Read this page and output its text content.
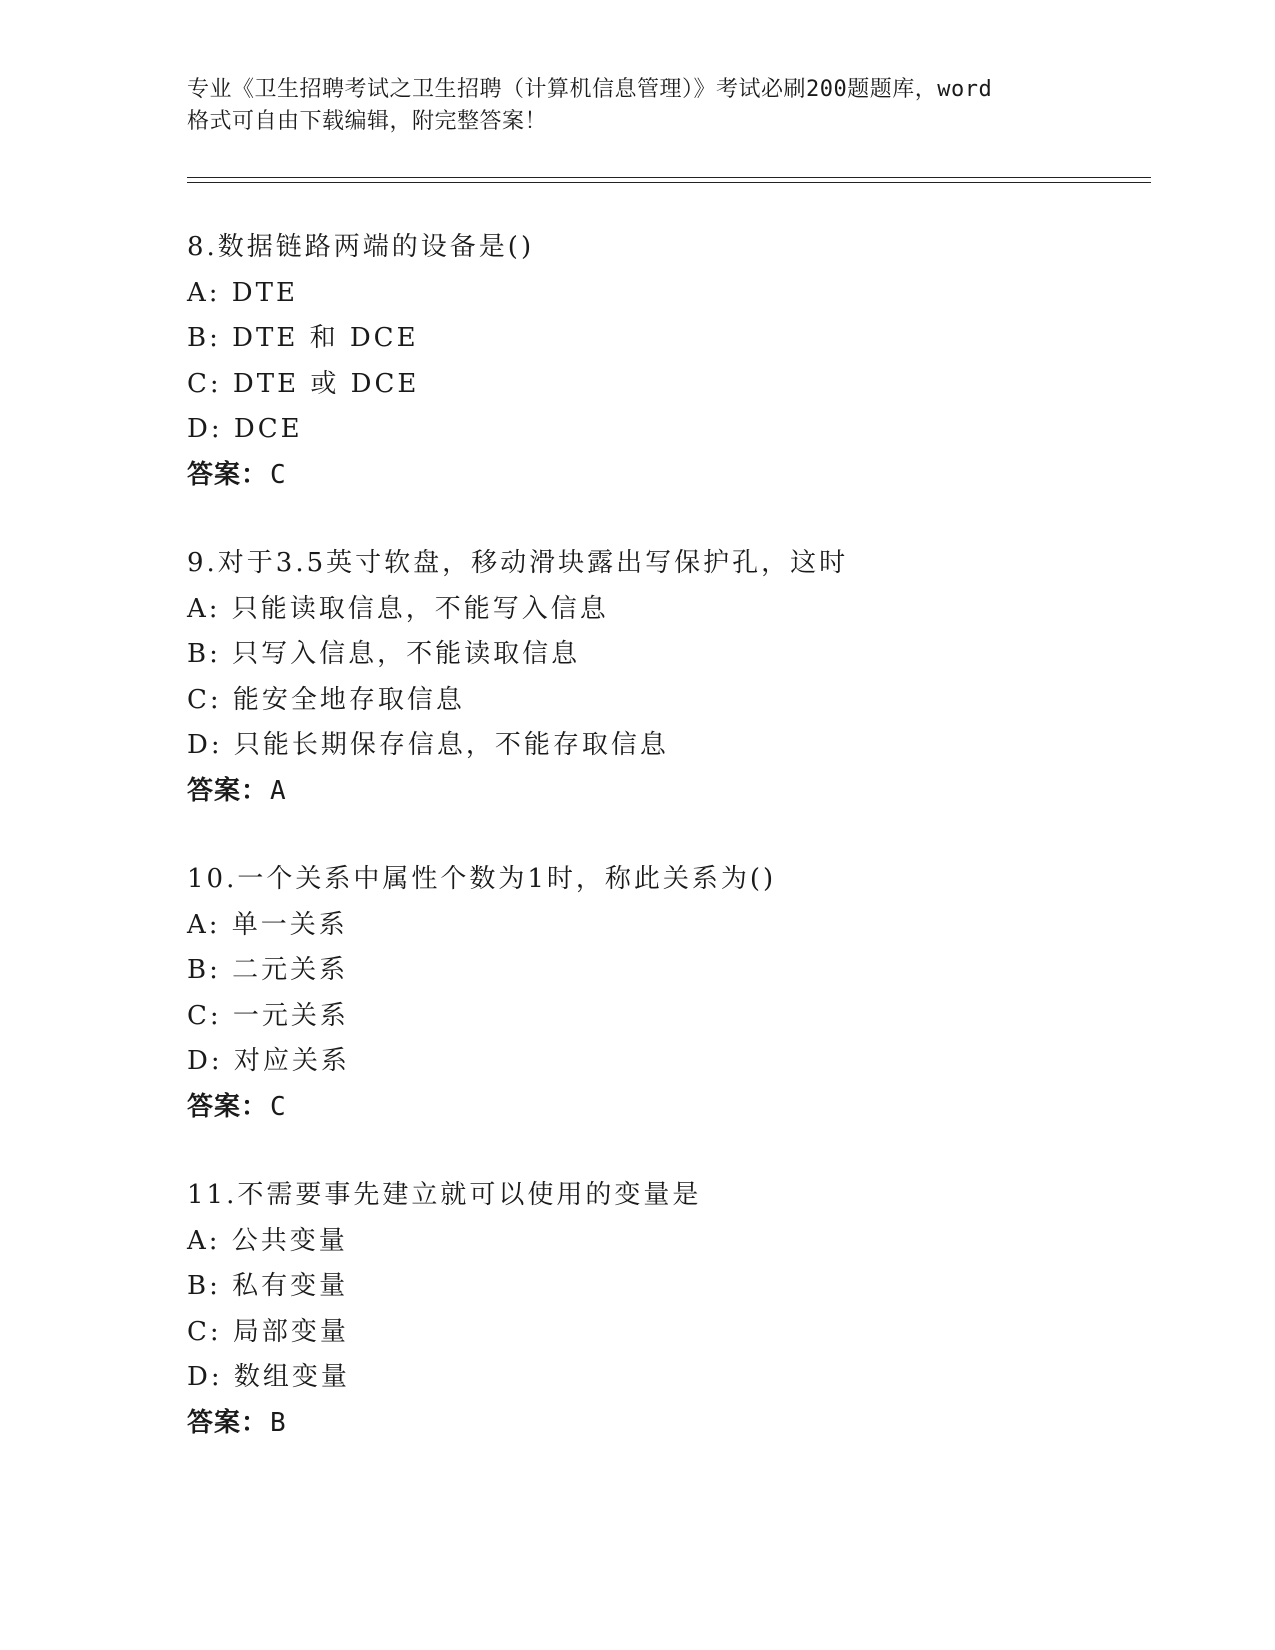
专业《卫生招聘考试之卫生招聘（计算机信息管理）》考试必刷200题题库，word
格式可自由下载编辑，附完整答案！
8.数据链路两端的设备是()
A: DTE
B: DTE 和 DCE
C: DTE 或 DCE
D: DCE
答案：C
9.对于3.5英寸软盘，移动滑块露出写保护孔，这时
A: 只能读取信息，不能写入信息
B: 只写入信息，不能读取信息
C: 能安全地存取信息
D: 只能长期保存信息，不能存取信息
答案：A
10.一个关系中属性个数为1时，称此关系为()
A: 单一关系
B: 二元关系
C: 一元关系
D: 对应关系
答案：C
11.不需要事先建立就可以使用的变量是
A: 公共变量
B: 私有变量
C: 局部变量
D: 数组变量
答案：B
